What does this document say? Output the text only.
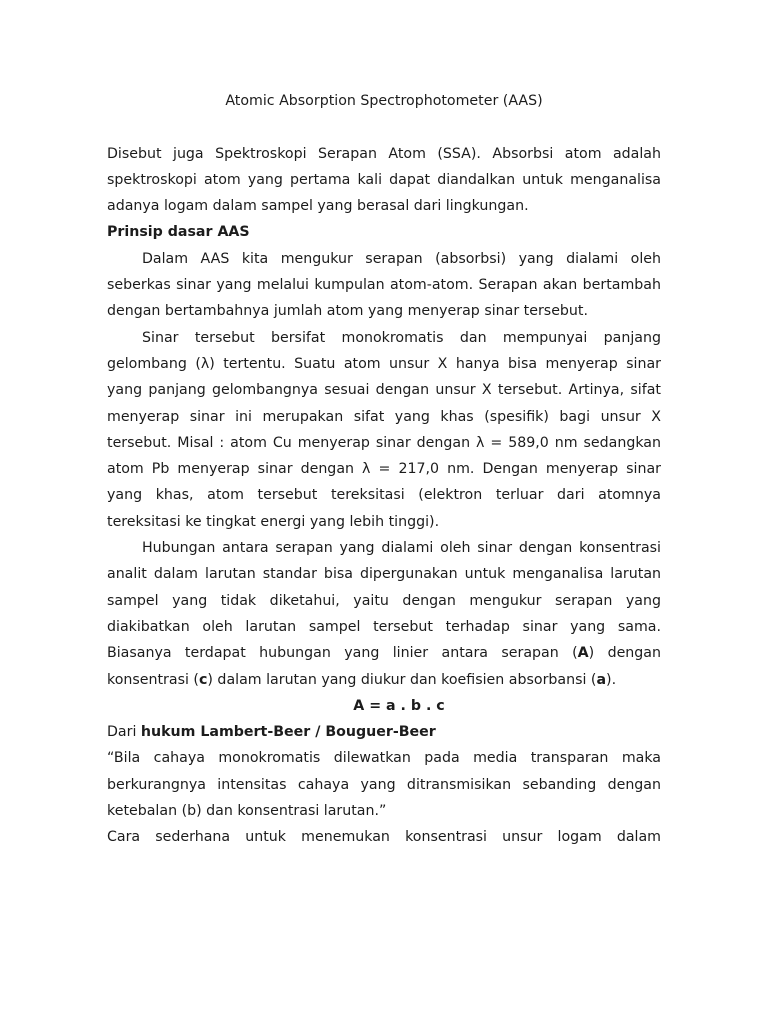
Atomic Absorption Spectrophotometer (AAS)

Disebut juga Spektroskopi Serapan Atom (SSA). Absorbsi atom adalah spektroskopi atom yang pertama kali dapat diandalkan untuk menganalisa adanya logam dalam sampel yang berasal dari lingkungan.

Prinsip dasar AAS

Dalam AAS kita mengukur serapan (absorbsi) yang dialami oleh seberkas sinar yang melalui kumpulan atom-atom. Serapan akan bertambah dengan bertambahnya jumlah atom yang menyerap sinar tersebut.

Sinar tersebut bersifat monokromatis dan mempunyai panjang gelombang (λ) tertentu. Suatu atom unsur X hanya bisa menyerap sinar yang panjang gelombangnya sesuai dengan unsur X tersebut. Artinya, sifat menyerap sinar ini merupakan sifat yang khas (spesifik) bagi unsur X tersebut. Misal : atom Cu menyerap sinar dengan λ = 589,0 nm sedangkan atom Pb menyerap sinar dengan λ = 217,0 nm. Dengan menyerap sinar yang khas, atom tersebut tereksitasi (elektron terluar dari atomnya tereksitasi ke tingkat energi yang lebih tinggi).

Hubungan antara serapan yang dialami oleh sinar dengan konsentrasi analit dalam larutan standar bisa dipergunakan untuk menganalisa larutan sampel yang tidak diketahui, yaitu dengan mengukur serapan yang diakibatkan oleh larutan sampel tersebut terhadap sinar yang sama. Biasanya terdapat hubungan yang linier antara serapan (A) dengan konsentrasi (c) dalam larutan yang diukur dan koefisien absorbansi (a).

A = a . b . c

Dari hukum Lambert-Beer / Bouguer-Beer

“Bila cahaya monokromatis dilewatkan pada media transparan maka berkurangnya intensitas cahaya yang ditransmisikan sebanding dengan ketebalan (b) dan konsentrasi larutan.”

Cara sederhana untuk menemukan konsentrasi unsur logam dalam
